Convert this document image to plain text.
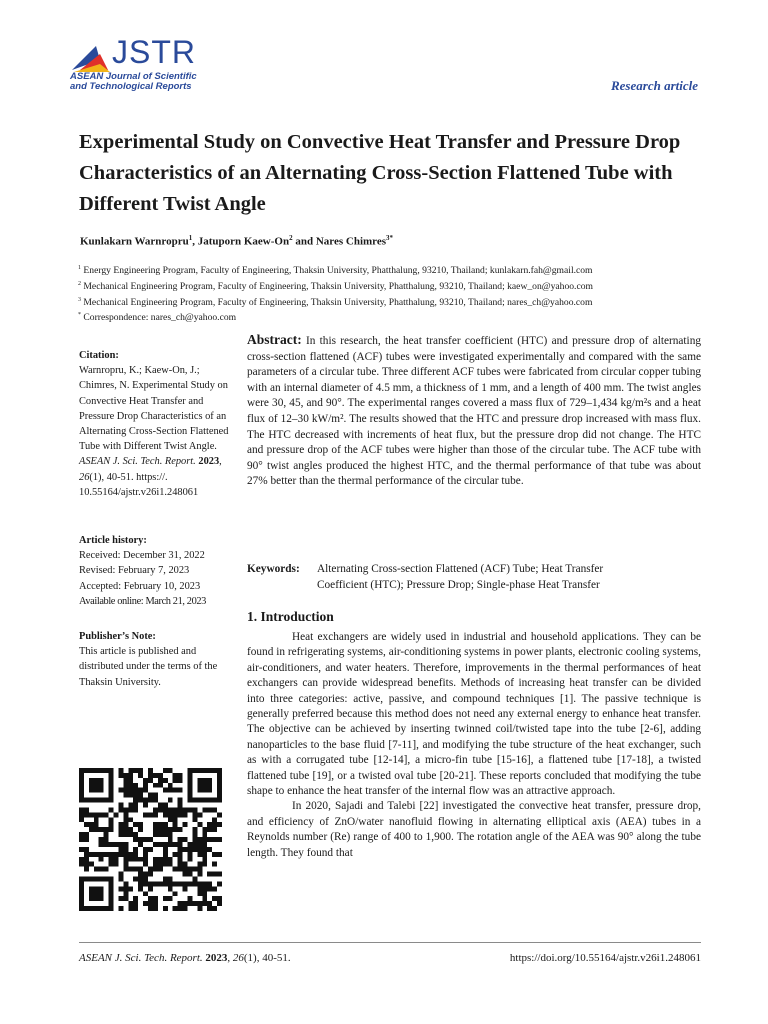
JSTR
ASEAN Journal of Scientific
and Technological Reports	Research article
Experimental Study on Convective Heat Transfer and Pressure Drop Characteristics of an Alternating Cross-Section Flattened Tube with Different Twist Angle
Kunlakarn Warnropru$^1$, Jatuporn Kaew-On$^2$ and Nares Chimres$^{3*}$
$^1$ Energy Engineering Program, Faculty of Engineering, Thaksin University, Phatthalung, 93210, Thailand; kunlakarn.fah@gmail.com
$^2$ Mechanical Engineering Program, Faculty of Engineering, Thaksin University, Phatthalung, 93210, Thailand; kaew_on@yahoo.com
$^3$ Mechanical Engineering Program, Faculty of Engineering, Thaksin University, Phatthalung, 93210, Thailand; nares_ch@yahoo.com
* Correspondence: nares_ch@yahoo.com
Citation:
Warnropru, K.; Kaew-On, J.; Chimres, N. Experimental Study on Convective Heat Transfer and Pressure Drop Characteristics of an Alternating Cross-Section Flattened Tube with Different Twist Angle. ASEAN J. Sci. Tech. Report. 2023, 26(1), 40-51. https://. 10.55164/ajstr.v26i1.248061
Article history:
Received: December 31, 2022
Revised: February 7, 2023
Accepted: February 10, 2023
Available online: March 21, 2023
Publisher’s Note:
This article is published and distributed under the terms of the Thaksin University.
Abstract: In this research, the heat transfer coefficient (HTC) and pressure drop of alternating cross-section flattened (ACF) tubes were investigated experimentally and compared with the same parameters of a circular tube. Three different ACF tubes were fabricated from circular copper tubing with an internal diameter of 4.5 mm, a thickness of 1 mm, and a length of 400 mm. The twist angles were 30, 45, and 90°. The experimental ranges covered a mass flux of 729–1,434 kg/m²s and a heat flux of 12–30 kW/m². The results showed that the HTC and pressure drop increased with mass flux. The HTC decreased with increments of heat flux, but the pressure drop did not change. The HTC and pressure drop of the ACF tubes were higher than those of the circular tube. The ACF tube with 90° twist angles produced the highest HTC, and the thermal performance of that tube was about 27% better than the thermal performance of the circular tube.
Keywords:	Alternating Cross-section Flattened (ACF) Tube; Heat Transfer
Coefficient (HTC); Pressure Drop; Single-phase Heat Transfer
1. Introduction

Heat exchangers are widely used in industrial and household applications. They can be found in refrigerating systems, air-conditioning systems in power plants, electronic cooling systems, air-conditioners, and water heaters. Therefore, improvements in the thermal performances of heat exchangers can provide widespread benefits. Methods of increasing heat transfer can be divided into three categories: active, passive, and compound techniques [1]. The passive technique is generally preferred because this method does not need any external energy to enhance heat transfer. The objective can be achieved by inserting twinned coil/twisted tape into the tube [2-6], adding nanoparticles to the base fluid [7-11], and modifying the tube structure of the heat exchanger, such as with a corrugated tube [12-14], a micro-fin tube [15-16], a flattened tube [17-18], a twisted flattened tube [19], or a twisted oval tube [20-21]. These reports concluded that modifying the tube shape to enhance the heat transfer of the internal flow was an attractive approach.

In 2020, Sajadi and Talebi [22] investigated the convective heat transfer, pressure drop, and efficiency of ZnO/water nanofluid flowing in alternating elliptical axis (AEA) tubes in a Reynolds number (Re) range of 400 to 1,900. The rotation angle of the AEA was 90° along the tube length. They found that

ASEAN J. Sci. Tech. Report. 2023, 26(1), 40-51.	https://doi.org/10.55164/ajstr.v26i1.248061
